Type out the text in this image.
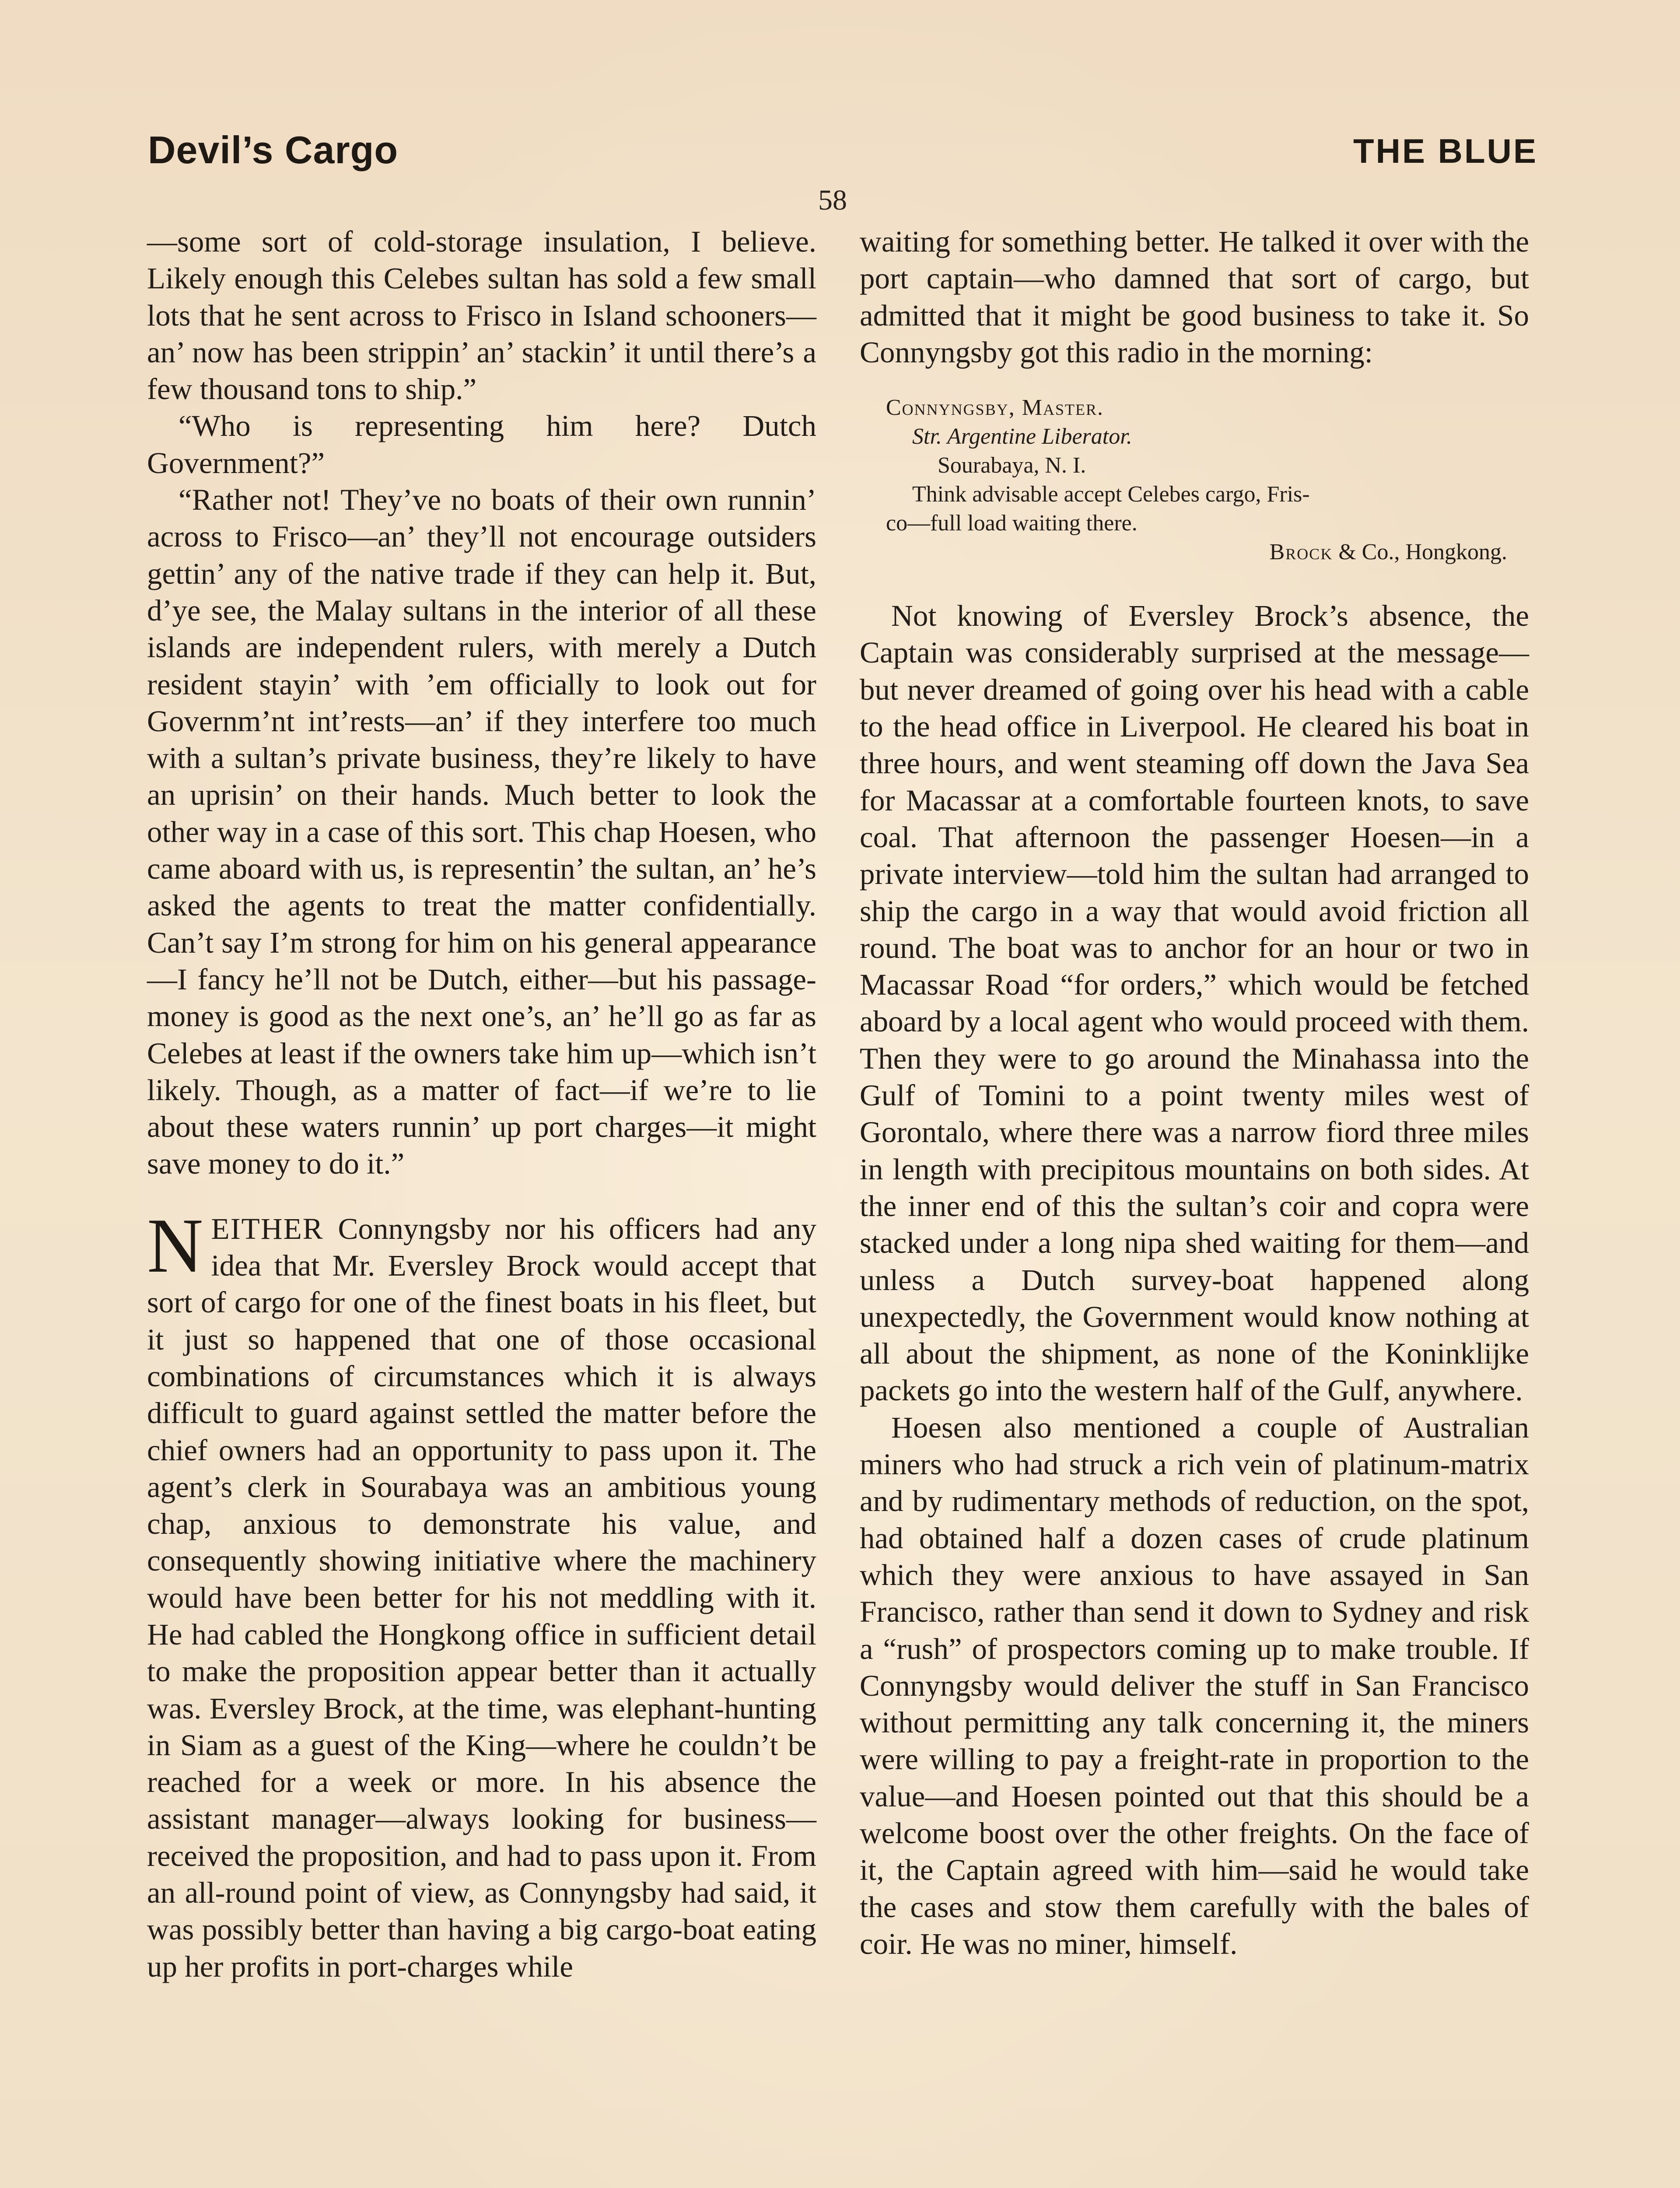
Devil’s Cargo	THE BLUE
58

—some sort of cold-storage insulation, I believe. Likely enough this Celebes sultan has sold a few small lots that he sent across to Frisco in Island schooners—an’ now has been strippin’ an’ stackin’ it until there’s a few thousand tons to ship.”

“Who is representing him here? Dutch Government?”

“Rather not! They’ve no boats of their own runnin’ across to Frisco—an’ they’ll not encourage outsiders gettin’ any of the native trade if they can help it. But, d’ye see, the Malay sultans in the interior of all these islands are independent rulers, with merely a Dutch resident stayin’ with ’em officially to look out for Governm’nt int’rests—an’ if they interfere too much with a sultan’s private business, they’re likely to have an uprisin’ on their hands. Much better to look the other way in a case of this sort. This chap Hoesen, who came aboard with us, is representin’ the sultan, an’ he’s asked the agents to treat the matter confidentially. Can’t say I’m strong for him on his general appearance—I fancy he’ll not be Dutch, either—but his passage-money is good as the next one’s, an’ he’ll go as far as Celebes at least if the owners take him up—which isn’t likely. Though, as a matter of fact—if we’re to lie about these waters runnin’ up port charges—it might save money to do it.”

NEITHER Connyngsby nor his officers had any idea that Mr. Eversley Brock would accept that sort of cargo for one of the finest boats in his fleet, but it just so happened that one of those occasional combinations of circumstances which it is always difficult to guard against settled the matter before the chief owners had an opportunity to pass upon it. The agent’s clerk in Sourabaya was an ambitious young chap, anxious to demonstrate his value, and consequently showing initiative where the machinery would have been better for his not meddling with it. He had cabled the Hongkong office in sufficient detail to make the proposition appear better than it actually was. Eversley Brock, at the time, was elephant-hunting in Siam as a guest of the King—where he couldn’t be reached for a week or more. In his absence the assistant manager—always looking for business—received the proposition, and had to pass upon it. From an all-round point of view, as Connyngsby had said, it was possibly better than having a big cargo-boat eating up her profits in port-charges while

waiting for something better. He talked it over with the port captain—who damned that sort of cargo, but admitted that it might be good business to take it. So Connyngsby got this radio in the morning:

Connyngsby, Master.
Str. Argentine Liberator.
Sourabaya, N. I.
Think advisable accept Celebes cargo, Fris-
co—full load waiting there.
Brock & Co., Hongkong.

Not knowing of Eversley Brock’s absence, the Captain was considerably surprised at the message—but never dreamed of going over his head with a cable to the head office in Liverpool. He cleared his boat in three hours, and went steaming off down the Java Sea for Macassar at a comfortable fourteen knots, to save coal. That afternoon the passenger Hoesen—in a private interview—told him the sultan had arranged to ship the cargo in a way that would avoid friction all round. The boat was to anchor for an hour or two in Macassar Road “for orders,” which would be fetched aboard by a local agent who would proceed with them. Then they were to go around the Minahassa into the Gulf of Tomini to a point twenty miles west of Gorontalo, where there was a narrow fiord three miles in length with precipitous mountains on both sides. At the inner end of this the sultan’s coir and copra were stacked under a long nipa shed waiting for them—and unless a Dutch survey-boat happened along unexpectedly, the Government would know nothing at all about the shipment, as none of the Koninklijke packets go into the western half of the Gulf, anywhere.

Hoesen also mentioned a couple of Australian miners who had struck a rich vein of platinum-matrix and by rudimentary methods of reduction, on the spot, had obtained half a dozen cases of crude platinum which they were anxious to have assayed in San Francisco, rather than send it down to Sydney and risk a “rush” of prospectors coming up to make trouble. If Connyngsby would deliver the stuff in San Francisco without permitting any talk concerning it, the miners were willing to pay a freight-rate in proportion to the value—and Hoesen pointed out that this should be a welcome boost over the other freights. On the face of it, the Captain agreed with him—said he would take the cases and stow them carefully with the bales of coir. He was no miner, himself.
